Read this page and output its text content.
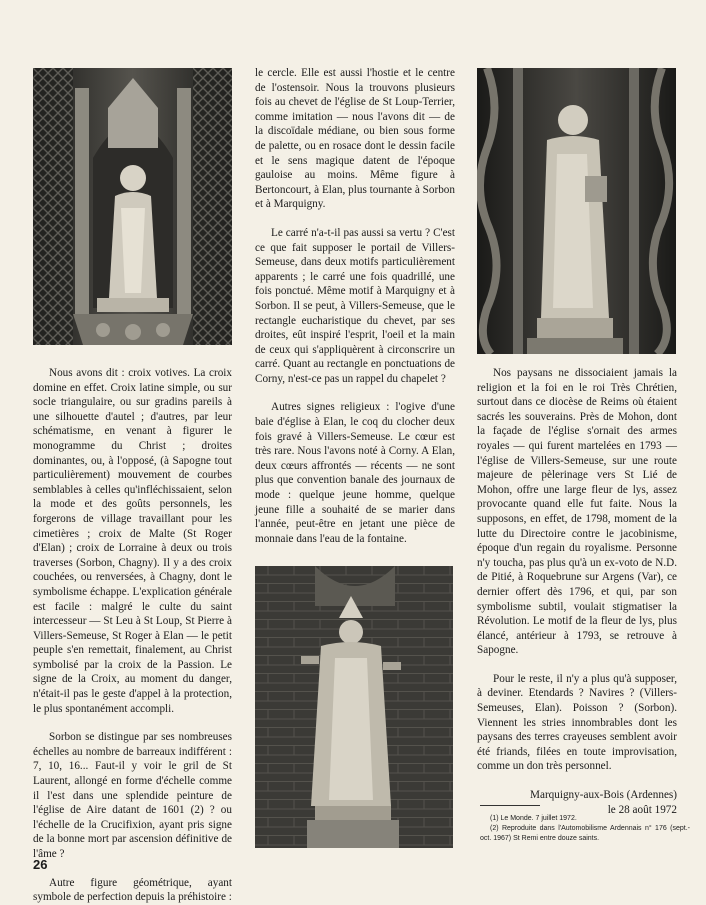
Nous avons dit : croix votives. La croix domine en effet. Croix latine simple, ou sur socle triangulaire, ou sur gradins pareils à une silhouette d'autel ; d'autres, par leur schématisme, en venant à figurer le monogramme du Christ ; droites dominantes, ou, à l'opposé, (à Sapogne tout particulièrement) mouvement de courbes semblables à celles qu'infléchissaient, selon la mode et des goûts personnels, les forgerons de village travaillant pour les cimetières ; croix de Malte (St Roger d'Elan) ; croix de Lorraine à deux ou trois traverses (Sorbon, Chagny). Il y a des croix couchées, ou renversées, à Chagny, dont le symbolisme échappe. L'explication générale est facile : malgré le culte du saint intercesseur — St Leu à St Loup, St Pierre à Villers-Semeuse, St Roger à Elan — le petit peuple s'en remettait, finalement, au Christ symbolisé par la croix de la Passion. Le signe de la Croix, au moment du danger, n'était-il pas le geste d'appel à la protection, le plus spontanément accompli.

Sorbon se distingue par ses nombreuses échelles au nombre de barreaux indifférent : 7, 10, 16... Faut-il y voir le gril de St Laurent, allongé en forme d'échelle comme il l'est dans une splendide peinture de l'église de Aire datant de 1601 (2) ? ou l'échelle de la Crucifixion, ayant pris signe de la bonne mort par ascension définitive de l'âme ?

Autre figure géométrique, ayant symbole de perfection depuis la préhistoire :

le cercle. Elle est aussi l'hostie et le centre de l'ostensoir. Nous la trouvons plusieurs fois au chevet de l'église de St Loup-Terrier, comme imitation — nous l'avons dit — de la discoïdale médiane, ou bien sous forme de palette, ou en rosace dont le dessin facile et le sens magique datent de l'époque gauloise au moins. Même figure à Bertoncourt, à Elan, plus tournante à Sorbon et à Marquigny.

Le carré n'a-t-il pas aussi sa vertu ? C'est ce que fait supposer le portail de Villers-Semeuse, dans deux motifs particulièrement apparents ; le carré une fois quadrillé, une fois ponctué. Même motif à Marquigny et à Sorbon. Il se peut, à Villers-Semeuse, que le rectangle eucharistique du chevet, par ses droites, eût inspiré l'esprit, l'oeil et la main de ceux qui s'appliquèrent à circonscrire un carré. Quant au rectangle en ponctuations de Corny, n'est-ce pas un rappel du chapelet ?

Autres signes religieux : l'ogive d'une baie d'église à Elan, le coq du clocher deux fois gravé à Villers-Semeuse. Le cœur est très rare. Nous l'avons noté à Corny. A Elan, deux cœurs affrontés — récents — ne sont plus que convention banale des journaux de mode : quelque jeune homme, quelque jeune fille a souhaité de se marier dans l'année, peut-être en jetant une pièce de monnaie dans l'eau de la fontaine.

Nos paysans ne dissociaient jamais la religion et la foi en le roi Très Chrétien, surtout dans ce diocèse de Reims où étaient sacrés les souverains. Près de Mohon, dont la façade de l'église s'ornait des armes royales — qui furent martelées en 1793 — l'église de Villers-Semeuse, sur une route majeure de pèlerinage vers St Lié de Mohon, offre une large fleur de lys, assez provocante quand elle fut faite. Nous la supposons, en effet, de 1798, moment de la lutte du Directoire contre le jacobinisme, époque d'un regain du royalisme. Personne n'y toucha, pas plus qu'à un ex-voto de N.D. de Pitié, à Roquebrune sur Argens (Var), ce dernier offert dès 1796, et qui, par son symbolisme subtil, voulait stigmatiser la Révolution. Le motif de la fleur de lys, plus élancé, antérieur à 1793, se retrouve à Sapogne.

Pour le reste, il n'y a plus qu'à supposer, à deviner. Etendards ? Navires ? (Villers-Semeuses, Elan). Poisson ? (Sorbon). Viennent les stries innombrables dont les paysans des terres crayeuses semblent avoir été friands, filées en toute improvisation, comme un don très personnel.

Marquigny-aux-Bois (Ardennes)
le 28 août 1972

(1) Le Monde. 7 juillet 1972.

(2) Reproduite dans l'Automobilisme Ardennais n° 176 (sept.-oct. 1967) St Remi entre douze saints.

26
